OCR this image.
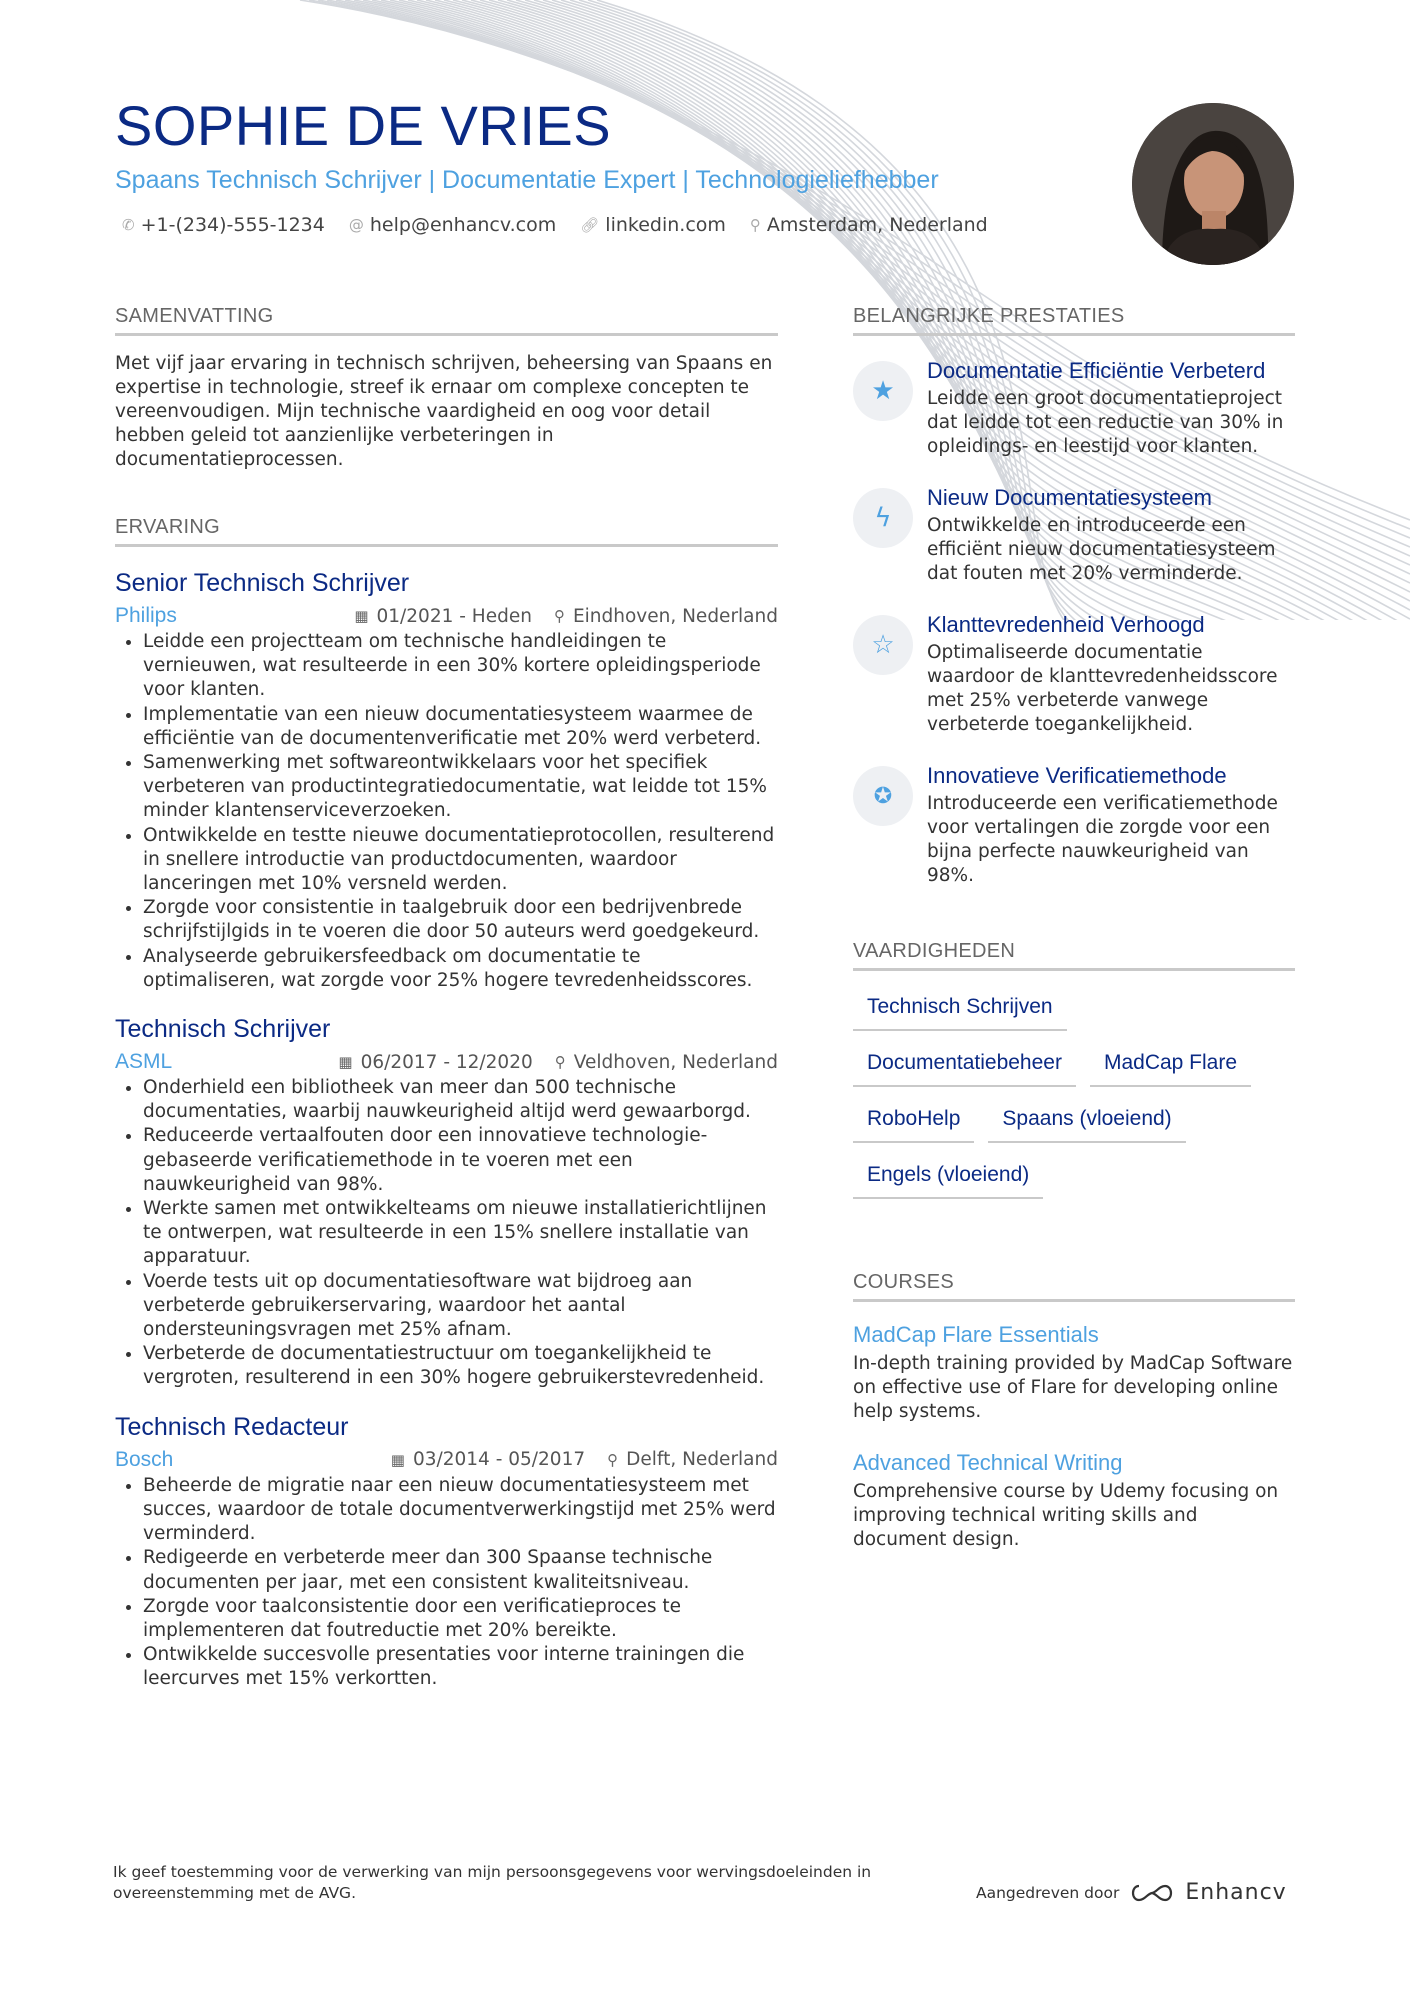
SOPHIE DE VRIES
Spaans Technisch Schrijver | Documentatie Expert | Technologieliefhebber
✆ +1-(234)-555-1234 @ help@enhancv.com 🔗︎ linkedin.com ⚲ Amsterdam, Nederland
SAMENVATTING
Met vijf jaar ervaring in technisch schrijven, beheersing van Spaans en expertise in technologie, streef ik ernaar om complexe concepten te vereenvoudigen. Mijn technische vaardigheid en oog voor detail hebben geleid tot aanzienlijke verbeteringen in documentatieprocessen.
ERVARING
Senior Technisch Schrijver
Philips	▦ 01/2021 - Heden ⚲ Eindhoven, Nederland
• Leidde een projectteam om technische handleidingen te vernieuwen, wat resulteerde in een 30% kortere opleidingsperiode voor klanten.
• Implementatie van een nieuw documentatiesysteem waarmee de efficiëntie van de documentenverificatie met 20% werd verbeterd.
• Samenwerking met softwareontwikkelaars voor het specifiek verbeteren van productintegratiedocumentatie, wat leidde tot 15% minder klantenserviceverzoeken.
• Ontwikkelde en testte nieuwe documentatieprotocollen, resulterend in snellere introductie van productdocumenten, waardoor lanceringen met 10% versneld werden.
• Zorgde voor consistentie in taalgebruik door een bedrijvenbrede schrijfstijlgids in te voeren die door 50 auteurs werd goedgekeurd.
• Analyseerde gebruikersfeedback om documentatie te optimaliseren, wat zorgde voor 25% hogere tevredenheidsscores.
Technisch Schrijver
ASML	▦ 06/2017 - 12/2020 ⚲ Veldhoven, Nederland
• Onderhield een bibliotheek van meer dan 500 technische documentaties, waarbij nauwkeurigheid altijd werd gewaarborgd.
• Reduceerde vertaalfouten door een innovatieve technologie-gebaseerde verificatiemethode in te voeren met een nauwkeurigheid van 98%.
• Werkte samen met ontwikkelteams om nieuwe installatierichtlijnen te ontwerpen, wat resulteerde in een 15% snellere installatie van apparatuur.
• Voerde tests uit op documentatiesoftware wat bijdroeg aan verbeterde gebruikerservaring, waardoor het aantal ondersteuningsvragen met 25% afnam.
• Verbeterde de documentatiestructuur om toegankelijkheid te vergroten, resulterend in een 30% hogere gebruikerstevredenheid.
Technisch Redacteur
Bosch	▦ 03/2014 - 05/2017 ⚲ Delft, Nederland
• Beheerde de migratie naar een nieuw documentatiesysteem met succes, waardoor de totale documentverwerkingstijd met 25% werd verminderd.
• Redigeerde en verbeterde meer dan 300 Spaanse technische documenten per jaar, met een consistent kwaliteitsniveau.
• Zorgde voor taalconsistentie door een verificatieproces te implementeren dat foutreductie met 20% bereikte.
• Ontwikkelde succesvolle presentaties voor interne trainingen die leercurves met 15% verkortten.
BELANGRIJKE PRESTATIES
★
Documentatie Efficiëntie Verbeterd
Leidde een groot documentatieproject dat leidde tot een reductie van 30% in opleidings- en leestijd voor klanten.
ϟ
Nieuw Documentatiesysteem
Ontwikkelde en introduceerde een efficiënt nieuw documentatiesysteem dat fouten met 20% verminderde.
☆
Klanttevredenheid Verhoogd
Optimaliseerde documentatie waardoor de klanttevredenheidsscore met 25% verbeterde vanwege verbeterde toegankelijkheid.
✪
Innovatieve Verificatiemethode
Introduceerde een verificatiemethode voor vertalingen die zorgde voor een bijna perfecte nauwkeurigheid van 98%.
VAARDIGHEDEN
Technisch Schrijven
Documentatiebeheer	MadCap Flare
RoboHelp	Spaans (vloeiend)
Engels (vloeiend)
COURSES
MadCap Flare Essentials
In-depth training provided by MadCap Software on effective use of Flare for developing online help systems.
Advanced Technical Writing
Comprehensive course by Udemy focusing on improving technical writing skills and document design.
Ik geef toestemming voor de verwerking van mijn persoonsgegevens voor wervingsdoeleinden in overeenstemming met de AVG.	Aangedreven door	Enhancv
